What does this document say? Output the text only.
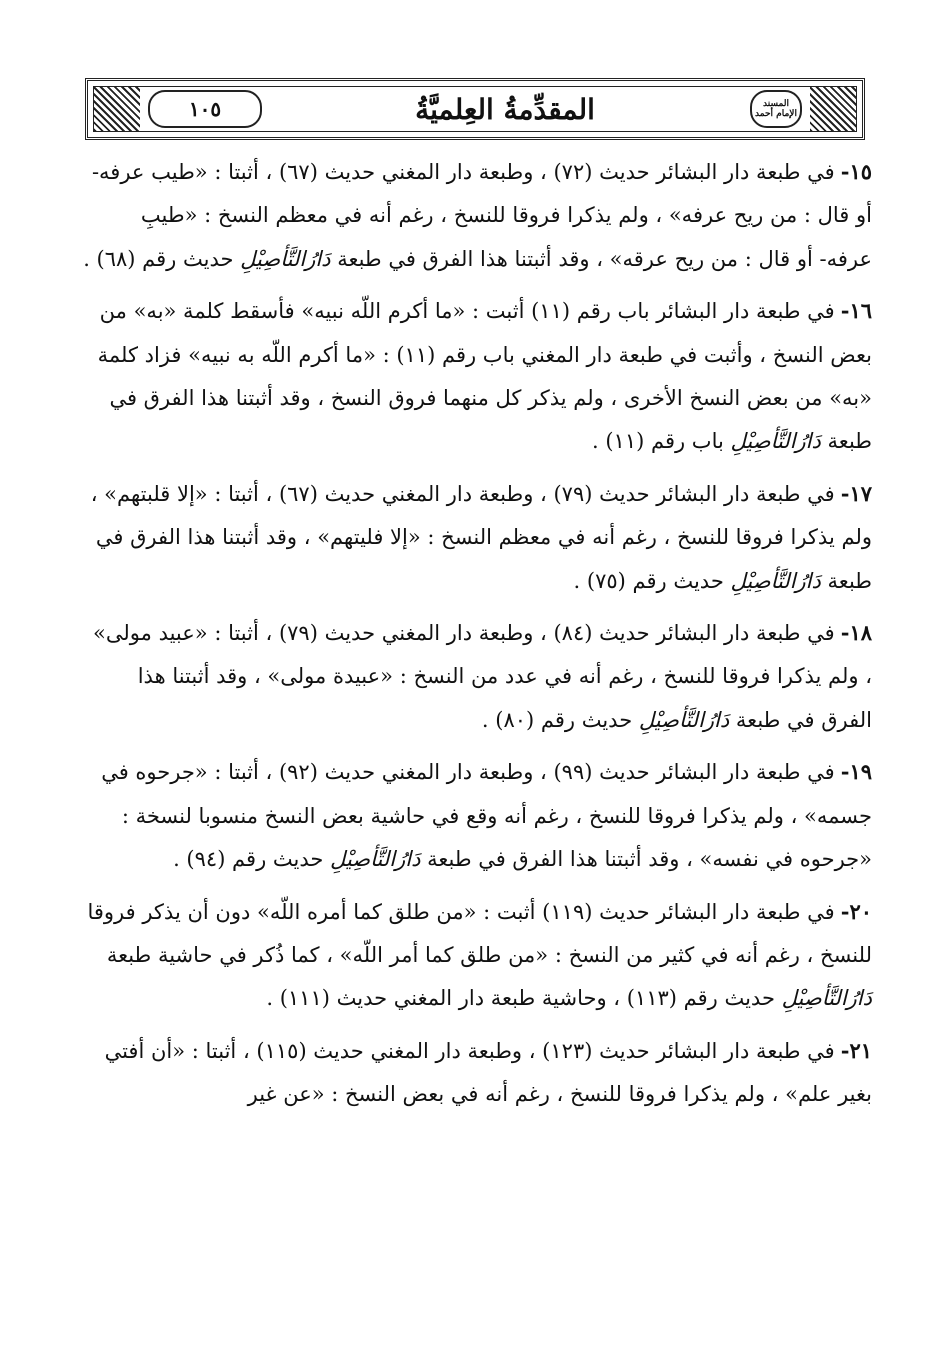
١٠٥	المقدِّمةُ العِلميَّةُ	المسند الإمام أحمد

١٥-في طبعة دار البشائر حديث (٧٢) ، وطبعة دار المغني حديث (٦٧) ، أثبتا : «طيب عرفه- أو قال : من ريح عرفه» ، ولم يذكرا فروقا للنسخ ، رغم أنه في معظم النسخ : «طيبِ عرفه- أو قال : من ريح عرقه» ، وقد أثبتنا هذا الفرق في طبعة دَارُالتَّأصِيْلِ حديث رقم (٦٨) .

١٦-في طبعة دار البشائر باب رقم (١١) أثبت : «ما أكرم اللّه نبيه» فأسقط كلمة «به» من بعض النسخ ، وأثبت في طبعة دار المغني باب رقم (١١) : «ما أكرم اللّه به نبيه» فزاد كلمة «به» من بعض النسخ الأخرى ، ولم يذكر كل منهما فروق النسخ ، وقد أثبتنا هذا الفرق في طبعة دَارُالتَّأصِيْلِ باب رقم (١١) .

١٧-في طبعة دار البشائر حديث (٧٩) ، وطبعة دار المغني حديث (٦٧) ، أثبتا : «إلا قلبتهم» ، ولم يذكرا فروقا للنسخ ، رغم أنه في معظم النسخ : «إلا فليتهم» ، وقد أثبتنا هذا الفرق في طبعة دَارُالتَّأصِيْلِ حديث رقم (٧٥) .

١٨-في طبعة دار البشائر حديث (٨٤) ، وطبعة دار المغني حديث (٧٩) ، أثبتا : «عبيد مولى» ، ولم يذكرا فروقا للنسخ ، رغم أنه في عدد من النسخ : «عبيدة مولى» ، وقد أثبتنا هذا الفرق في طبعة دَارُالتَّأصِيْلِ حديث رقم (٨٠) .

١٩-في طبعة دار البشائر حديث (٩٩) ، وطبعة دار المغني حديث (٩٢) ، أثبتا : «جرحوه في جسمه» ، ولم يذكرا فروقا للنسخ ، رغم أنه وقع في حاشية بعض النسخ منسوبا لنسخة : «جرحوه في نفسه» ، وقد أثبتنا هذا الفرق في طبعة دَارُالتَّأصِيْلِ حديث رقم (٩٤) .

٢٠-في طبعة دار البشائر حديث (١١٩) أثبت : «من طلق كما أمره اللّه» دون أن يذكر فروقا للنسخ ، رغم أنه في كثير من النسخ : «من طلق كما أمر اللّه» ، كما ذُكر في حاشية طبعة دَارُالتَّأصِيْلِ حديث رقم (١١٣) ، وحاشية طبعة دار المغني حديث (١١١) .

٢١-في طبعة دار البشائر حديث (١٢٣) ، وطبعة دار المغني حديث (١١٥) ، أثبتا : «أن أفتي بغير علم» ، ولم يذكرا فروقا للنسخ ، رغم أنه في بعض النسخ : «عن غير
